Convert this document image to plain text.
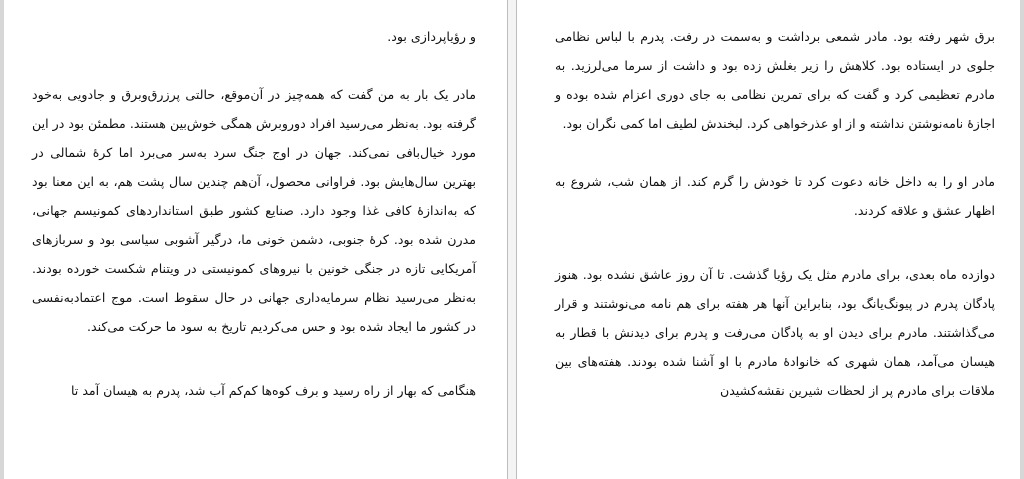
و رؤیاپردازی بود.

مادر یک بار به من گفت که همه‌چیز در آن‌موقع، حالتی پرزرق‌وبرق و جادویی به‌خود گرفته بود. به‌نظر می‌رسید افراد دوروبرش همگی خوش‌بین هستند. مطمئن بود در این مورد خیال‌بافی نمی‌کند. جهان در اوج جنگ سرد به‌سر می‌برد اما کرهٔ شمالی در بهترین سال‌هایش بود. فراوانی محصول، آن‌هم چندین سال پشت هم، به این معنا بود که به‌اندازهٔ کافی غذا وجود دارد. صنایع کشور طبق استانداردهای کمونیسم جهانی، مدرن شده بود. کرهٔ جنوبی، دشمن خونی ما، درگیر آشوبی سیاسی بود و سربازهای آمریکایی تازه در جنگی خونین با نیروهای کمونیستی در ویتنام شکست خورده بودند. به‌نظر می‌رسید نظام سرمایه‌داری جهانی در حال سقوط است. موج اعتمادبه‌نفسی در کشور ما ایجاد شده بود و حس می‌کردیم تاریخ به سود ما حرکت می‌کند.

هنگامی که بهار از راه رسید و برف کوه‌ها کم‌کم آب شد، پدرم به هیسان آمد تا

برق شهر رفته بود. مادر شمعی برداشت و به‌سمت در رفت. پدرم با لباس نظامی جلوی در ایستاده بود. کلاهش را زیر بغلش زده بود و داشت از سرما می‌لرزید. به مادرم تعظیمی کرد و گفت که برای تمرین نظامی به جای دوری اعزام شده بوده و اجازهٔ نامه‌نوشتن نداشته و از او عذرخواهی کرد. لبخندش لطیف اما کمی نگران بود.

مادر او را به داخل خانه دعوت کرد تا خودش را گرم کند. از همان شب، شروع به اظهار عشق و علاقه کردند.

دوازده ماه بعدی، برای مادرم مثل یک رؤیا گذشت. تا آن روز عاشق نشده بود. هنوز پادگان پدرم در پیونگ‌یانگ بود، بنابراین آنها هر هفته برای هم نامه می‌نوشتند و قرار می‌گذاشتند. مادرم برای دیدن او به پادگان می‌رفت و پدرم برای دیدنش با قطار به هیسان می‌آمد، همان شهری که خانوادهٔ مادرم با او آشنا شده بودند. هفته‌های بین ملاقات برای مادرم پر از لحظات شیرین نقشه‌کشیدن
